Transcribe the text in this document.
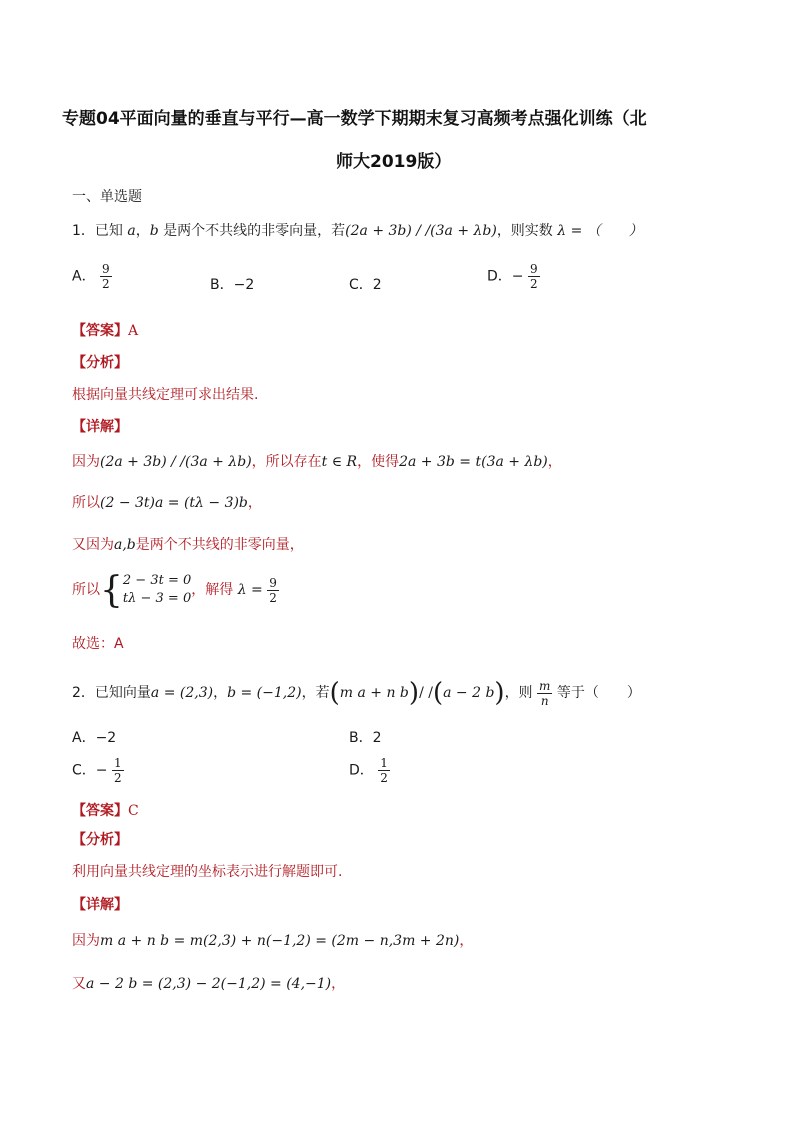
专题04平面向量的垂直与平行—高一数学下期期末复习高频考点强化训练（北
师大2019版）
一、单选题
1．已知 a，b 是两个不共线的非零向量，若(2a + 3b) / /(3a + λb)，则实数 λ = （　　）
A． $\frac{9}{2}$	B．−2	C．2
D．− $\frac{9}{2}$
【答案】A
【分析】
根据向量共线定理可求出结果.
【详解】
因为(2a + 3b) / /(3a + λb)，所以存在t ∈ R，使得2a + 3b = t(3a + λb)，
所以(2 − 3t)a = (tλ − 3)b，
又因为a,b是两个不共线的非零向量，
所以{ 2 − 3t = 0
tλ − 3 = 0
，解得 $\lambda = \frac{9}{2}$
故选：A
2．已知向量a = (2,3)，b = (−1,2)，若(m a + n b)/ /(a − 2 b)，则 $\frac{m}{n}$ 等于（　　）
A．−2	B．2
C．− $\frac{1}{2}$	D． $\frac{1}{2}$
【答案】C
【分析】
利用向量共线定理的坐标表示进行解题即可.
【详解】
因为m a + n b = m(2,3) + n(−1,2) = (2m − n,3m + 2n)，
又a − 2 b = (2,3) − 2(−1,2) = (4,−1)，
